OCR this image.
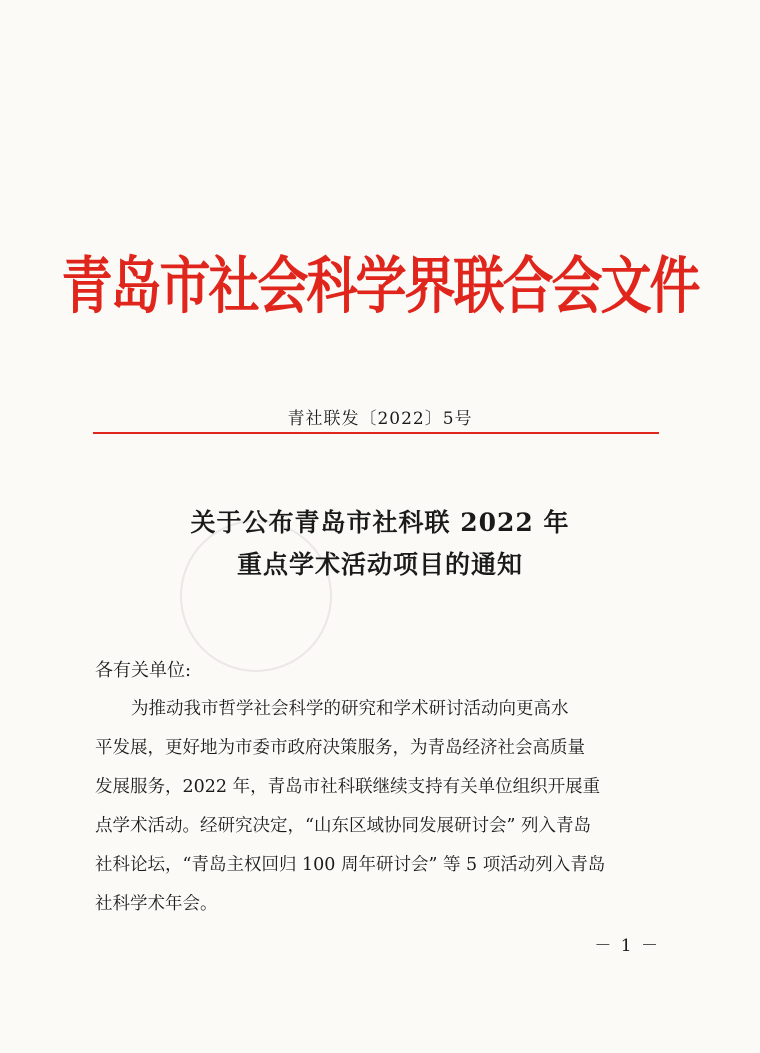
青岛市社会科学界联合会文件
青社联发〔2022〕5号
关于公布青岛市社科联 2022 年
重点学术活动项目的通知
各有关单位:
为推动我市哲学社会科学的研究和学术研讨活动向更高水
平发展，更好地为市委市政府决策服务，为青岛经济社会高质量
发展服务，2022 年，青岛市社科联继续支持有关单位组织开展重
点学术活动。经研究决定，“山东区域协同发展研讨会” 列入青岛
社科论坛，“青岛主权回归 100 周年研讨会” 等 5 项活动列入青岛
社科学术年会。
－ 1 －
